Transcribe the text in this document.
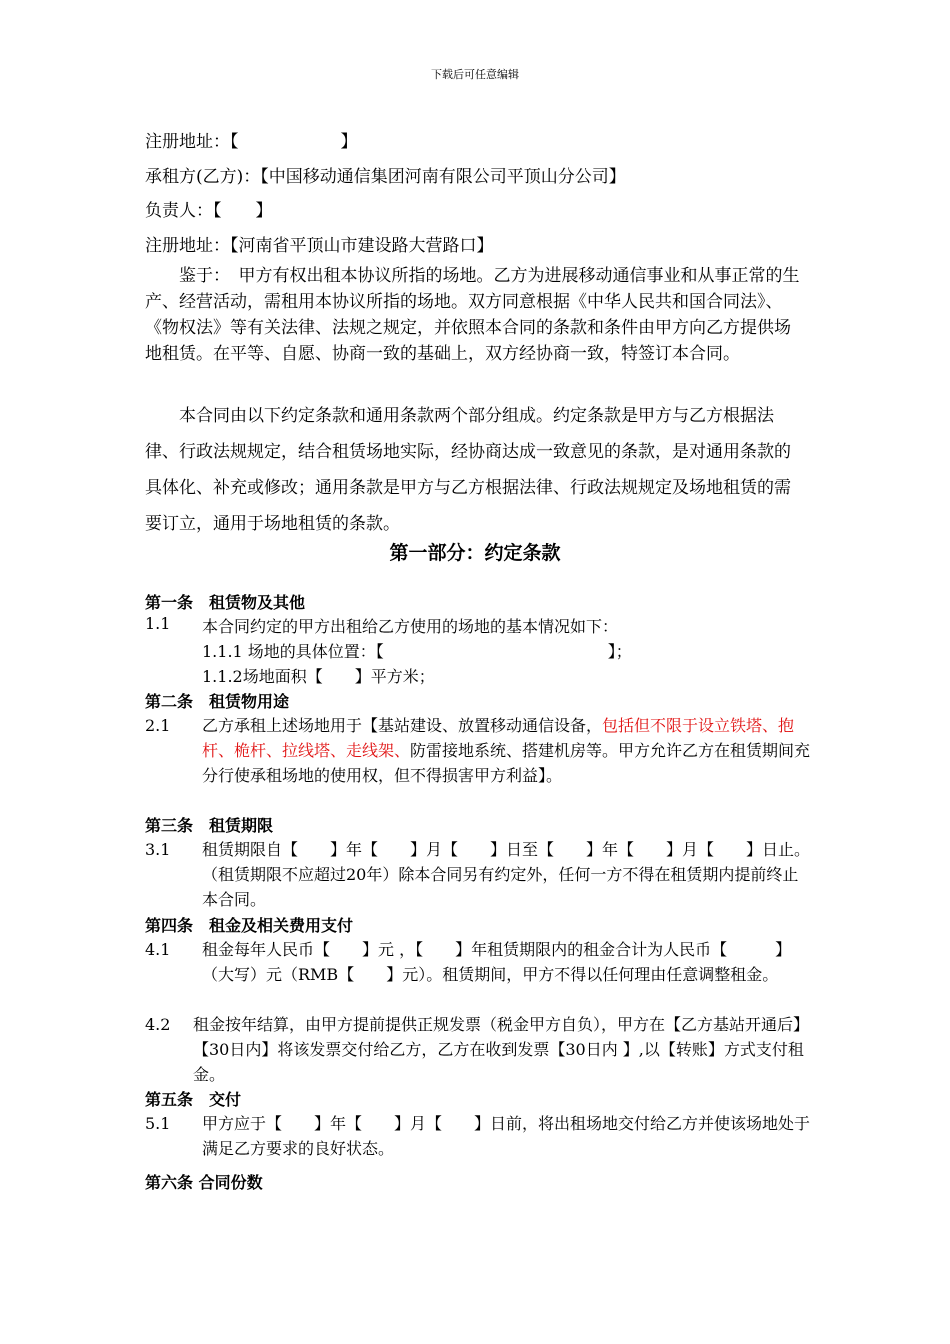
下载后可任意编辑
注册地址：【　　　　　　】
承租方(乙方)：【中国移动通信集团河南有限公司平顶山分公司】
负责人：【　　】
注册地址：【河南省平顶山市建设路大营路口】
　　鉴于：　甲方有权出租本协议所指的场地。乙方为进展移动通信事业和从事正常的生产、经营活动，需租用本协议所指的场地。双方同意根据《中华人民共和国合同法》、《物权法》等有关法律、法规之规定，并依照本合同的条款和条件由甲方向乙方提供场地租赁。在平等、自愿、协商一致的基础上，双方经协商一致，特签订本合同。
　　本合同由以下约定条款和通用条款两个部分组成。约定条款是甲方与乙方根据法律、行政法规规定，结合租赁场地实际，经协商达成一致意见的条款，是对通用条款的具体化、补充或修改；通用条款是甲方与乙方根据法律、行政法规规定及场地租赁的需要订立，通用于场地租赁的条款。
第一部分：约定条款
第一条　租赁物及其他
1.1 本合同约定的甲方出租给乙方使用的场地的基本情况如下：
1.1.1 场地的具体位置：【　　　　　　　　　　　　　　】；
1.1.2场地面积【　　】平方米；
第二条　租赁物用途
2.1 乙方承租上述场地用于【基站建设、放置移动通信设备，包括但不限于设立铁塔、抱杆、桅杆、拉线塔、走线架、防雷接地系统、搭建机房等。甲方允许乙方在租赁期间充分行使承租场地的使用权，但不得损害甲方利益】。
第三条　租赁期限
3.1 租赁期限自【　　】年【　　】月【　　】日至【　　】年【　　】月【　　】日止。（租赁期限不应超过20年）除本合同另有约定外，任何一方不得在租赁期内提前终止本合同。
第四条　租金及相关费用支付
4.1 租金每年人民币【　　】元 ，【　　】年租赁期限内的租金合计为人民币【　　　】（大写）元（RMB【　　】元）。租赁期间，甲方不得以任何理由任意调整租金。
4.2 租金按年结算，由甲方提前提供正规发票（税金甲方自负），甲方在【乙方基站开通后】【30日内】将该发票交付给乙方，乙方在收到发票【30日内 】,以【转账】方式支付租金。
第五条　交付
5.1 甲方应于【　　】年【　　】月【　　】日前，将出租场地交付给乙方并使该场地处于满足乙方要求的良好状态。
第六条 合同份数
